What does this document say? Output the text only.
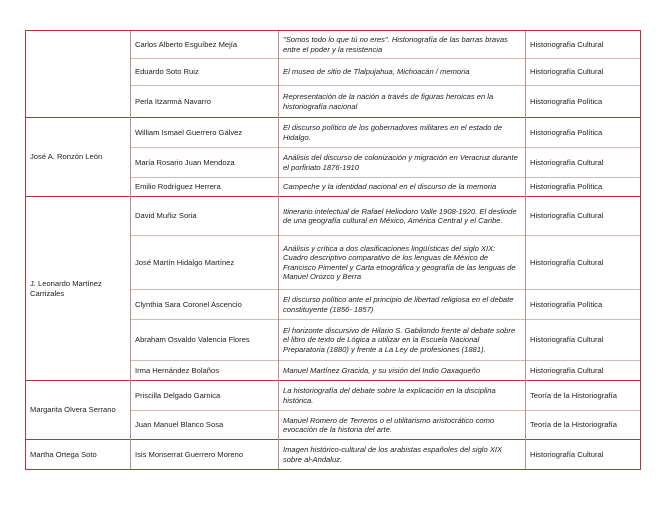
	Carlos Alberto Esguíbez Mejía	"Somos todo lo que tú no eres". Historiografía de las barras bravas entre el poder y la resistencia	Historiografía Cultural
	Eduardo Soto Ruiz	El museo de sitio de Tlalpujahua, Michoacán / memoria	Historiografía Cultural
	Perla Itzamná Navarro	Representación de la nación a través de figuras heroicas en la historiografía nacional	Historiografía Política
José A. Ronzón León	William Ismael Guerrero Gálvez	El discurso político de los gobernadores militares en el estado de Hidalgo.	Historiografía Política
	María Rosario Juan Mendoza	Análisis del discurso de colonización y migración en Veracruz durante el porfiriato 1876-1910	Historiografía Cultural
	Emilio Rodríguez Herrera	Campeche y la identidad nacional en el discurso de la memoria	Historiografía Política
J. Leonardo Martínez Carrizales	David Muñiz Soria	Itinerario intelectual de Rafael Heliodoro Valle 1908-1920. El deslinde de una geografía cultural en México, América Central y el Caribe.	Historiografía Cultural
	José Martín Hidalgo Martínez	Análisis y crítica a dos clasificaciones lingüísticas del siglo XIX: Cuadro descriptivo comparativo de los lenguas de México de Francisco Pimentel y Carta etnográfica y geografía de las lenguas de Manuel Orozco y Berra	Historiografía Cultural
	Clynthia Sara Coronel Ascencio	El discurso político ante el principio de libertad religiosa en el debate constituyente (1856- 1857)	Historiografía Política
	Abraham Osvaldo Valencia Flores	El horizonte discursivo de Hilario S. Gabilondo frente al debate sobre el libro de texto de Lógica a utilizar en la Escuela Nacional Preparatoria (1880) y frente a La Ley de profesiones (1881).	Historiografía Cultural
	Irma Hernández Bolaños	Manuel Martínez Gracida, y su visión del Indio Oaxaqueño	Historiografía Cultural
Margarita Olvera Serrano	Priscilla Delgado Garnica	La historiografía del debate sobre la explicación en la disciplina histórica.	Teoría de la Historiografía
	Juan Manuel Blanco Sosa	Manuel Romero de Terreros o el utilitarismo aristocrático como evocación de la historia del arte.	Teoría de la Historiografía
Martha Ortega Soto	Isis Monserrat Guerrero Moreno	Imagen histórico-cultural de los arabistas españoles del siglo XIX sobre al-Andaluz.	Historiografía Cultural
